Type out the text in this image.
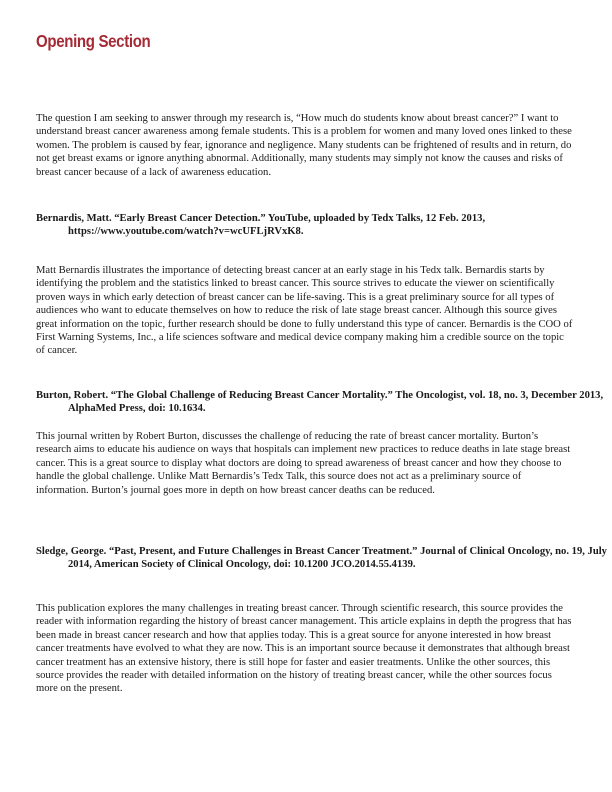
Opening Section

The question I am seeking to answer through my research is, “How much do students know about breast cancer?” I want to understand breast cancer awareness among female students. This is a problem for women and many loved ones linked to these women. The problem is caused by fear, ignorance and negligence. Many students can be frightened of results and in return, do not get breast exams or ignore anything abnormal. Additionally, many students may simply not know the causes and risks of breast cancer because of a lack of awareness education.

Bernardis, Matt. “Early Breast Cancer Detection.” YouTube, uploaded by Tedx Talks, 12 Feb. 2013, https://www.youtube.com/watch?v=wcUFLjRVxK8.

Matt Bernardis illustrates the importance of detecting breast cancer at an early stage in his Tedx talk. Bernardis starts by identifying the problem and the statistics linked to breast cancer. This source strives to educate the viewer on scientifically proven ways in which early detection of breast cancer can be life-saving. This is a great preliminary source for all types of audiences who want to educate themselves on how to reduce the risk of late stage breast cancer. Although this source gives great information on the topic, further research should be done to fully understand this type of cancer. Bernardis is the COO of First Warning Systems, Inc., a life sciences software and medical device company making him a credible source on the topic of cancer.

Burton, Robert. “The Global Challenge of Reducing Breast Cancer Mortality.” The Oncologist, vol. 18, no. 3, December 2013, AlphaMed Press, doi: 10.1634.

This journal written by Robert Burton, discusses the challenge of reducing the rate of breast cancer mortality. Burton’s research aims to educate his audience on ways that hospitals can implement new practices to reduce deaths in late stage breast cancer. This is a great source to display what doctors are doing to spread awareness of breast cancer and how they choose to handle the global challenge. Unlike Matt Bernardis’s Tedx Talk, this source does not act as a preliminary source of information. Burton’s journal goes more in depth on how breast cancer deaths can be reduced.

Sledge, George. “Past, Present, and Future Challenges in Breast Cancer Treatment.” Journal of Clinical Oncology, no. 19, July 2014, American Society of Clinical Oncology, doi: 10.1200 JCO.2014.55.4139.

This publication explores the many challenges in treating breast cancer. Through scientific research, this source provides the reader with information regarding the history of breast cancer management. This article explains in depth the progress that has been made in breast cancer research and how that applies today. This is a great source for anyone interested in how breast cancer treatments have evolved to what they are now. This is an important source because it demonstrates that although breast cancer treatment has an extensive history, there is still hope for faster and easier treatments. Unlike the other sources, this source provides the reader with detailed information on the history of treating breast cancer, while the other sources focus more on the present.
